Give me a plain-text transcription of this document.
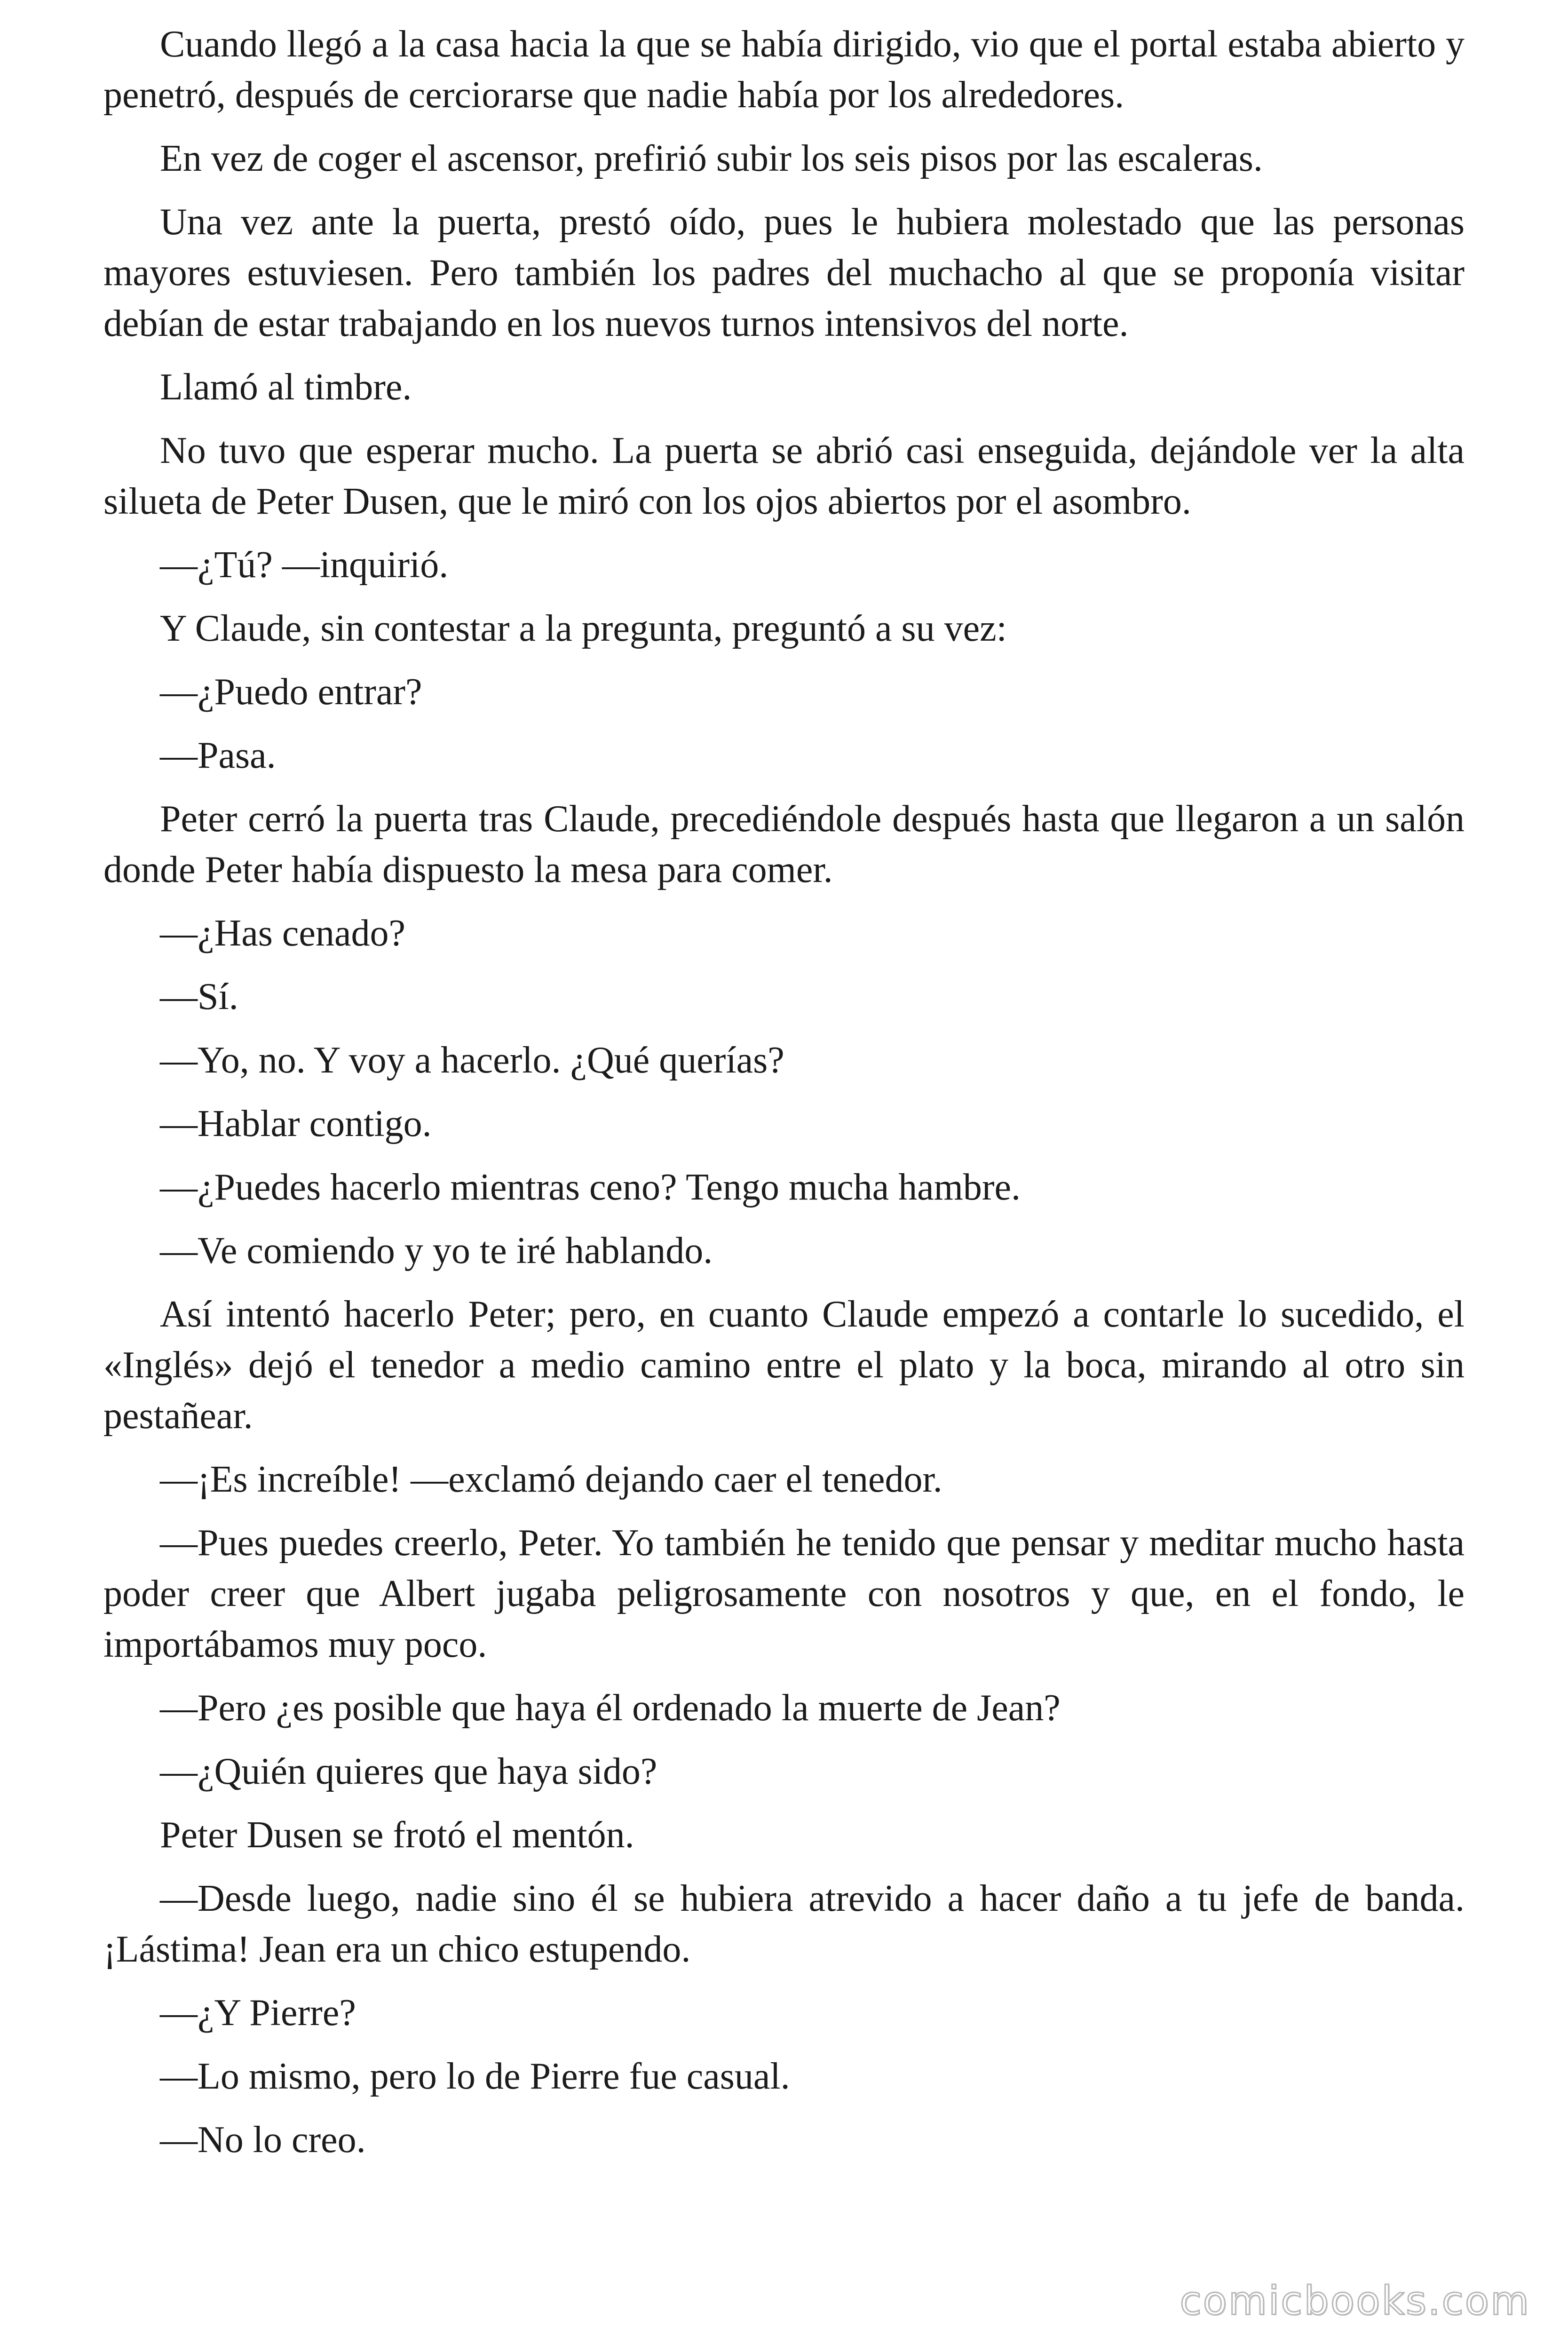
Cuando llegó a la casa hacia la que se había dirigido, vio que el portal estaba abierto y penetró, después de cerciorarse que nadie había por los alrededores.

En vez de coger el ascensor, prefirió subir los seis pisos por las escaleras.

Una vez ante la puerta, prestó oído, pues le hubiera molestado que las personas mayores estuviesen. Pero también los padres del muchacho al que se proponía visitar debían de estar trabajando en los nuevos turnos intensivos del norte.

Llamó al timbre.

No tuvo que esperar mucho. La puerta se abrió casi enseguida, dejándole ver la alta silueta de Peter Dusen, que le miró con los ojos abiertos por el asombro.

—¿Tú? —inquirió.

Y Claude, sin contestar a la pregunta, preguntó a su vez:

—¿Puedo entrar?

—Pasa.

Peter cerró la puerta tras Claude, precediéndole después hasta que llegaron a un salón donde Peter había dispuesto la mesa para comer.

—¿Has cenado?

—Sí.

—Yo, no. Y voy a hacerlo. ¿Qué querías?

—Hablar contigo.

—¿Puedes hacerlo mientras ceno? Tengo mucha hambre.

—Ve comiendo y yo te iré hablando.

Así intentó hacerlo Peter; pero, en cuanto Claude empezó a contarle lo sucedido, el «Inglés» dejó el tenedor a medio camino entre el plato y la boca, mirando al otro sin pestañear.

—¡Es increíble! —exclamó dejando caer el tenedor.

—Pues puedes creerlo, Peter. Yo también he tenido que pensar y meditar mucho hasta poder creer que Albert jugaba peligrosamente con nosotros y que, en el fondo, le importábamos muy poco.

—Pero ¿es posible que haya él ordenado la muerte de Jean?

—¿Quién quieres que haya sido?

Peter Dusen se frotó el mentón.

—Desde luego, nadie sino él se hubiera atrevido a hacer daño a tu jefe de banda. ¡Lástima! Jean era un chico estupendo.

—¿Y Pierre?

—Lo mismo, pero lo de Pierre fue casual.

—No lo creo.

comicbooks.com
